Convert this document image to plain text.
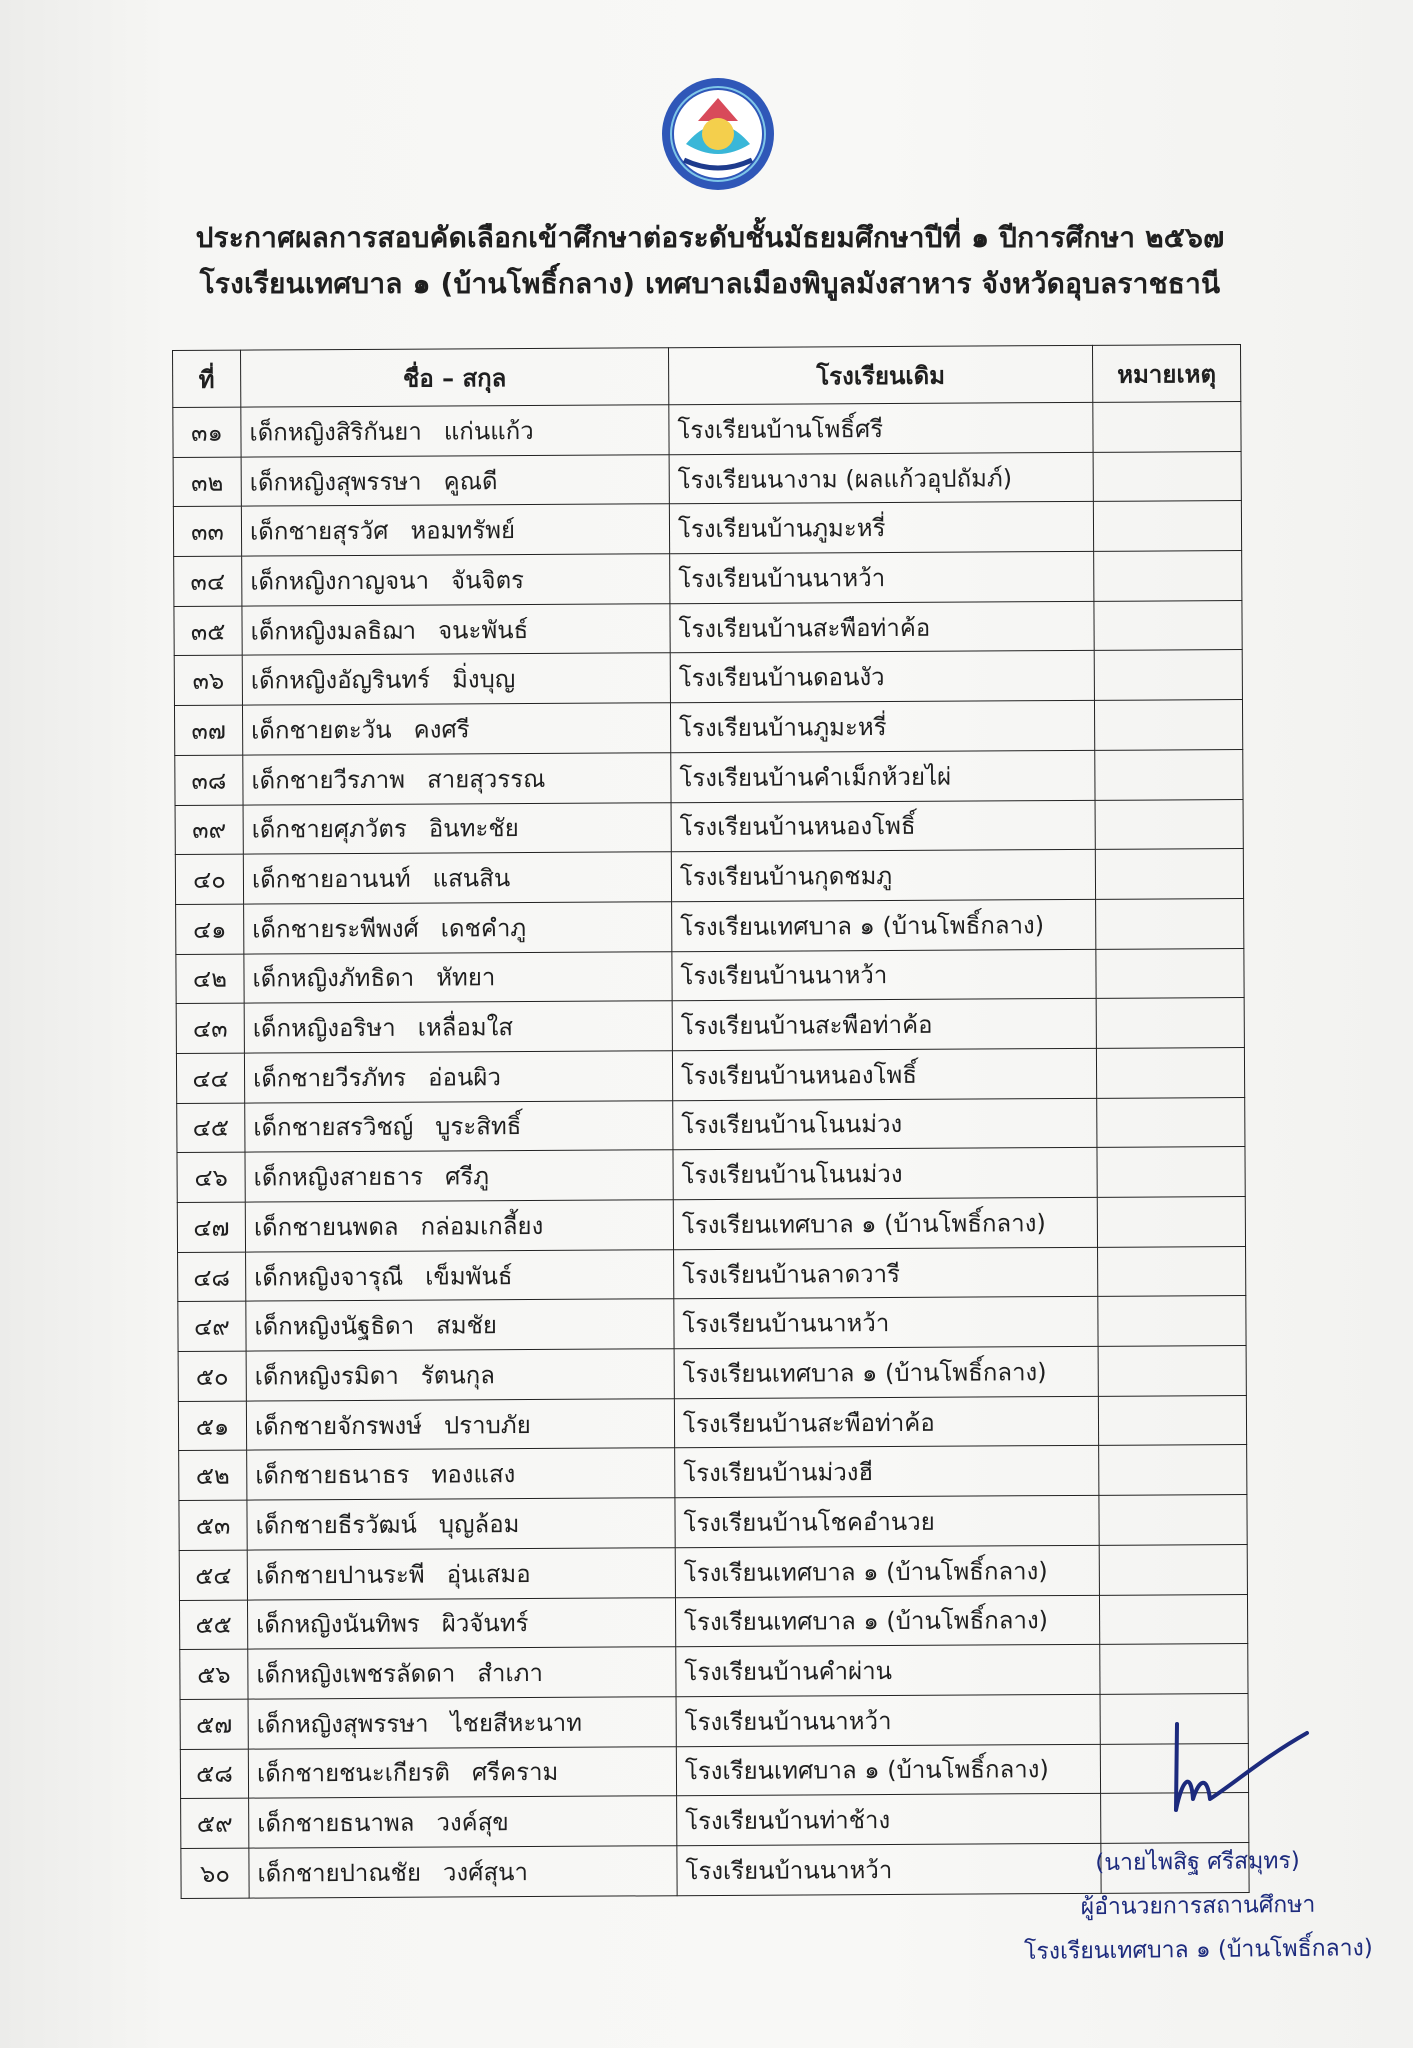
ประกาศผลการสอบคัดเลือกเข้าศึกษาต่อระดับชั้นมัธยมศึกษาปีที่ ๑ ปีการศึกษา ๒๕๖๗
โรงเรียนเทศบาล ๑ (บ้านโพธิ์กลาง) เทศบาลเมืองพิบูลมังสาหาร จังหวัดอุบลราชธานี
ที่	ชื่อ – สกุล	โรงเรียนเดิม	หมายเหตุ
๓๑	เด็กหญิงสิริกันยา แก่นแก้ว	โรงเรียนบ้านโพธิ์ศรี	
๓๒	เด็กหญิงสุพรรษา คูณดี	โรงเรียนนางาม (ผลแก้วอุปถัมภ์)	
๓๓	เด็กชายสุรวัศ หอมทรัพย์	โรงเรียนบ้านภูมะหรี่	
๓๔	เด็กหญิงกาญจนา จันจิตร	โรงเรียนบ้านนาหว้า	
๓๕	เด็กหญิงมลธิฌา จนะพันธ์	โรงเรียนบ้านสะพือท่าค้อ	
๓๖	เด็กหญิงอัญรินทร์ มิ่งบุญ	โรงเรียนบ้านดอนงัว	
๓๗	เด็กชายตะวัน คงศรี	โรงเรียนบ้านภูมะหรี่	
๓๘	เด็กชายวีรภาพ สายสุวรรณ	โรงเรียนบ้านคำเม็กห้วยไผ่	
๓๙	เด็กชายศุภวัตร อินทะชัย	โรงเรียนบ้านหนองโพธิ์	
๔๐	เด็กชายอานนท์ แสนสิน	โรงเรียนบ้านกุดชมภู	
๔๑	เด็กชายระพีพงศ์ เดชคำภู	โรงเรียนเทศบาล ๑ (บ้านโพธิ์กลาง)	
๔๒	เด็กหญิงภัทธิดา หัทยา	โรงเรียนบ้านนาหว้า	
๔๓	เด็กหญิงอริษา เหลื่อมใส	โรงเรียนบ้านสะพือท่าค้อ	
๔๔	เด็กชายวีรภัทร อ่อนผิว	โรงเรียนบ้านหนองโพธิ์	
๔๕	เด็กชายสรวิชญ์ บูระสิทธิ์	โรงเรียนบ้านโนนม่วง	
๔๖	เด็กหญิงสายธาร ศรีภู	โรงเรียนบ้านโนนม่วง	
๔๗	เด็กชายนพดล กล่อมเกลี้ยง	โรงเรียนเทศบาล ๑ (บ้านโพธิ์กลาง)	
๔๘	เด็กหญิงจารุณี เข็มพันธ์	โรงเรียนบ้านลาดวารี	
๔๙	เด็กหญิงนัฐธิดา สมชัย	โรงเรียนบ้านนาหว้า	
๕๐	เด็กหญิงรมิดา รัตนกุล	โรงเรียนเทศบาล ๑ (บ้านโพธิ์กลาง)	
๕๑	เด็กชายจักรพงษ์ ปราบภัย	โรงเรียนบ้านสะพือท่าค้อ	
๕๒	เด็กชายธนาธร ทองแสง	โรงเรียนบ้านม่วงฮี	
๕๓	เด็กชายธีรวัฒน์ บุญล้อม	โรงเรียนบ้านโชคอำนวย	
๕๔	เด็กชายปานระพี อุ่นเสมอ	โรงเรียนเทศบาล ๑ (บ้านโพธิ์กลาง)	
๕๕	เด็กหญิงนันทิพร ผิวจันทร์	โรงเรียนเทศบาล ๑ (บ้านโพธิ์กลาง)	
๕๖	เด็กหญิงเพชรลัดดา สำเภา	โรงเรียนบ้านคำผ่าน	
๕๗	เด็กหญิงสุพรรษา ไชยสีหะนาท	โรงเรียนบ้านนาหว้า	
๕๘	เด็กชายชนะเกียรติ ศรีคราม	โรงเรียนเทศบาล ๑ (บ้านโพธิ์กลาง)	
๕๙	เด็กชายธนาพล วงค์สุข	โรงเรียนบ้านท่าช้าง	
๖๐	เด็กชายปาณชัย วงศ์สุนา	โรงเรียนบ้านนาหว้า		(นายไพสิฐ ศรีสมุทร)
ผู้อำนวยการสถานศึกษา
โรงเรียนเทศบาล ๑ (บ้านโพธิ์กลาง)
